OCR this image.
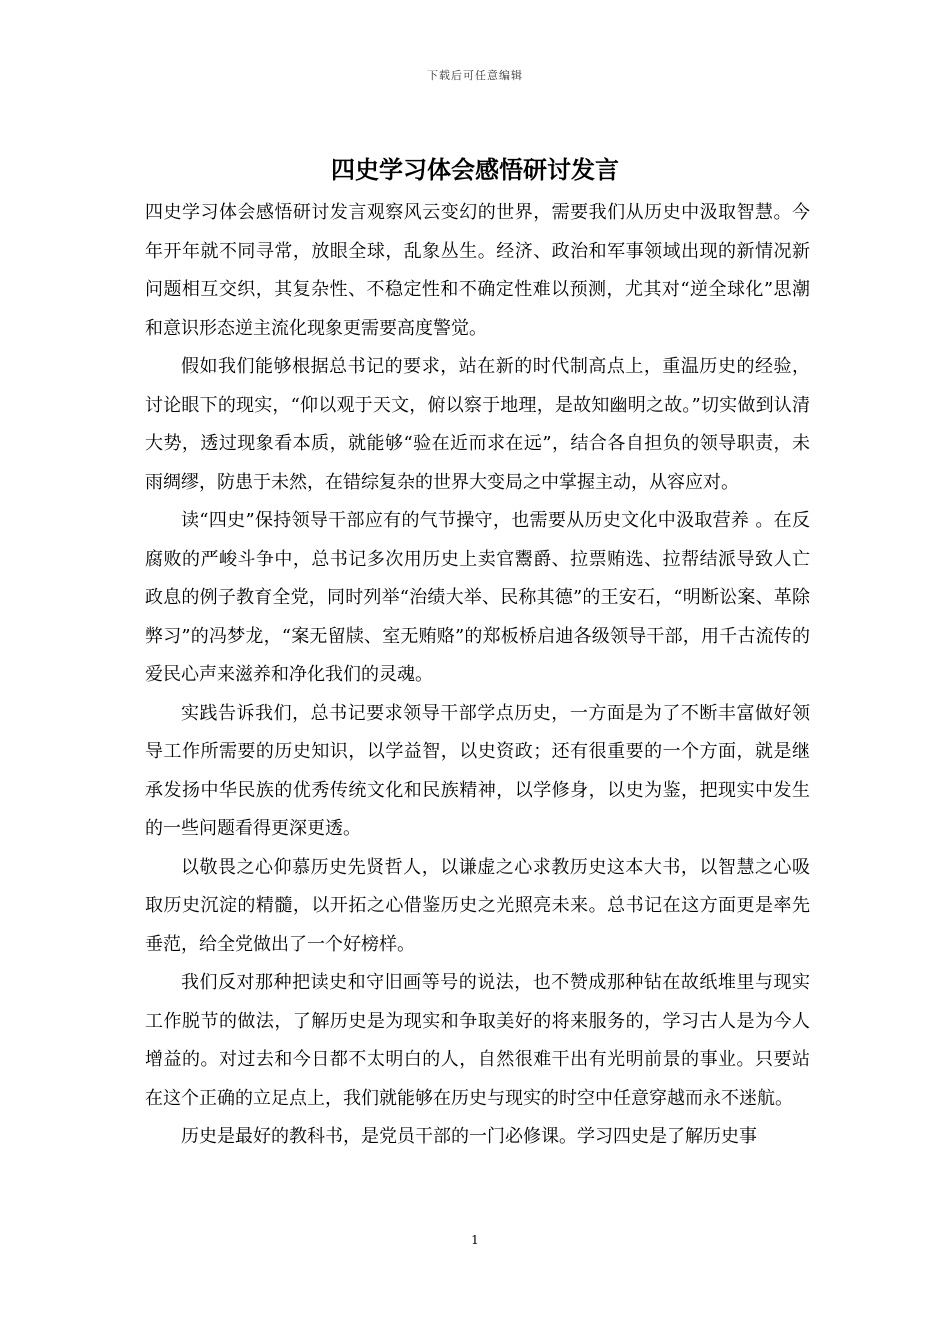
下载后可任意编辑
四史学习体会感悟研讨发言

四史学习体会感悟研讨发言观察风云变幻的世界，需要我们从历史中汲取智慧。今年开年就不同寻常，放眼全球，乱象丛生。经济、政治和军事领域出现的新情况新问题相互交织，其复杂性、不稳定性和不确定性难以预测，尤其对“逆全球化”思潮和意识形态逆主流化现象更需要高度警觉。

假如我们能够根据总书记的要求，站在新的时代制高点上，重温历史的经验，讨论眼下的现实，“仰以观于天文，俯以察于地理，是故知幽明之故。”切实做到认清大势，透过现象看本质，就能够“验在近而求在远”，结合各自担负的领导职责，未雨绸缪，防患于未然，在错综复杂的世界大变局之中掌握主动，从容应对。

读“四史”保持领导干部应有的气节操守，也需要从历史文化中汲取营养 。在反腐败的严峻斗争中，总书记多次用历史上卖官鬻爵、拉票贿选、拉帮结派导致人亡政息的例子教育全党，同时列举“治绩大举、民称其德”的王安石，“明断讼案、革除弊习”的冯梦龙，“案无留牍、室无贿赂”的郑板桥启迪各级领导干部，用千古流传的爱民心声来滋养和净化我们的灵魂。

实践告诉我们，总书记要求领导干部学点历史，一方面是为了不断丰富做好领导工作所需要的历史知识，以学益智，以史资政；还有很重要的一个方面，就是继承发扬中华民族的优秀传统文化和民族精神，以学修身，以史为鉴，把现实中发生的一些问题看得更深更透。

以敬畏之心仰慕历史先贤哲人，以谦虚之心求教历史这本大书，以智慧之心吸取历史沉淀的精髓，以开拓之心借鉴历史之光照亮未来。总书记在这方面更是率先垂范，给全党做出了一个好榜样。

我们反对那种把读史和守旧画等号的说法，也不赞成那种钻在故纸堆里与现实工作脱节的做法，了解历史是为现实和争取美好的将来服务的，学习古人是为今人增益的。对过去和今日都不太明白的人，自然很难干出有光明前景的事业。只要站在这个正确的立足点上，我们就能够在历史与现实的时空中任意穿越而永不迷航。

历史是最好的教科书，是党员干部的一门必修课。学习四史是了解历史事

1
